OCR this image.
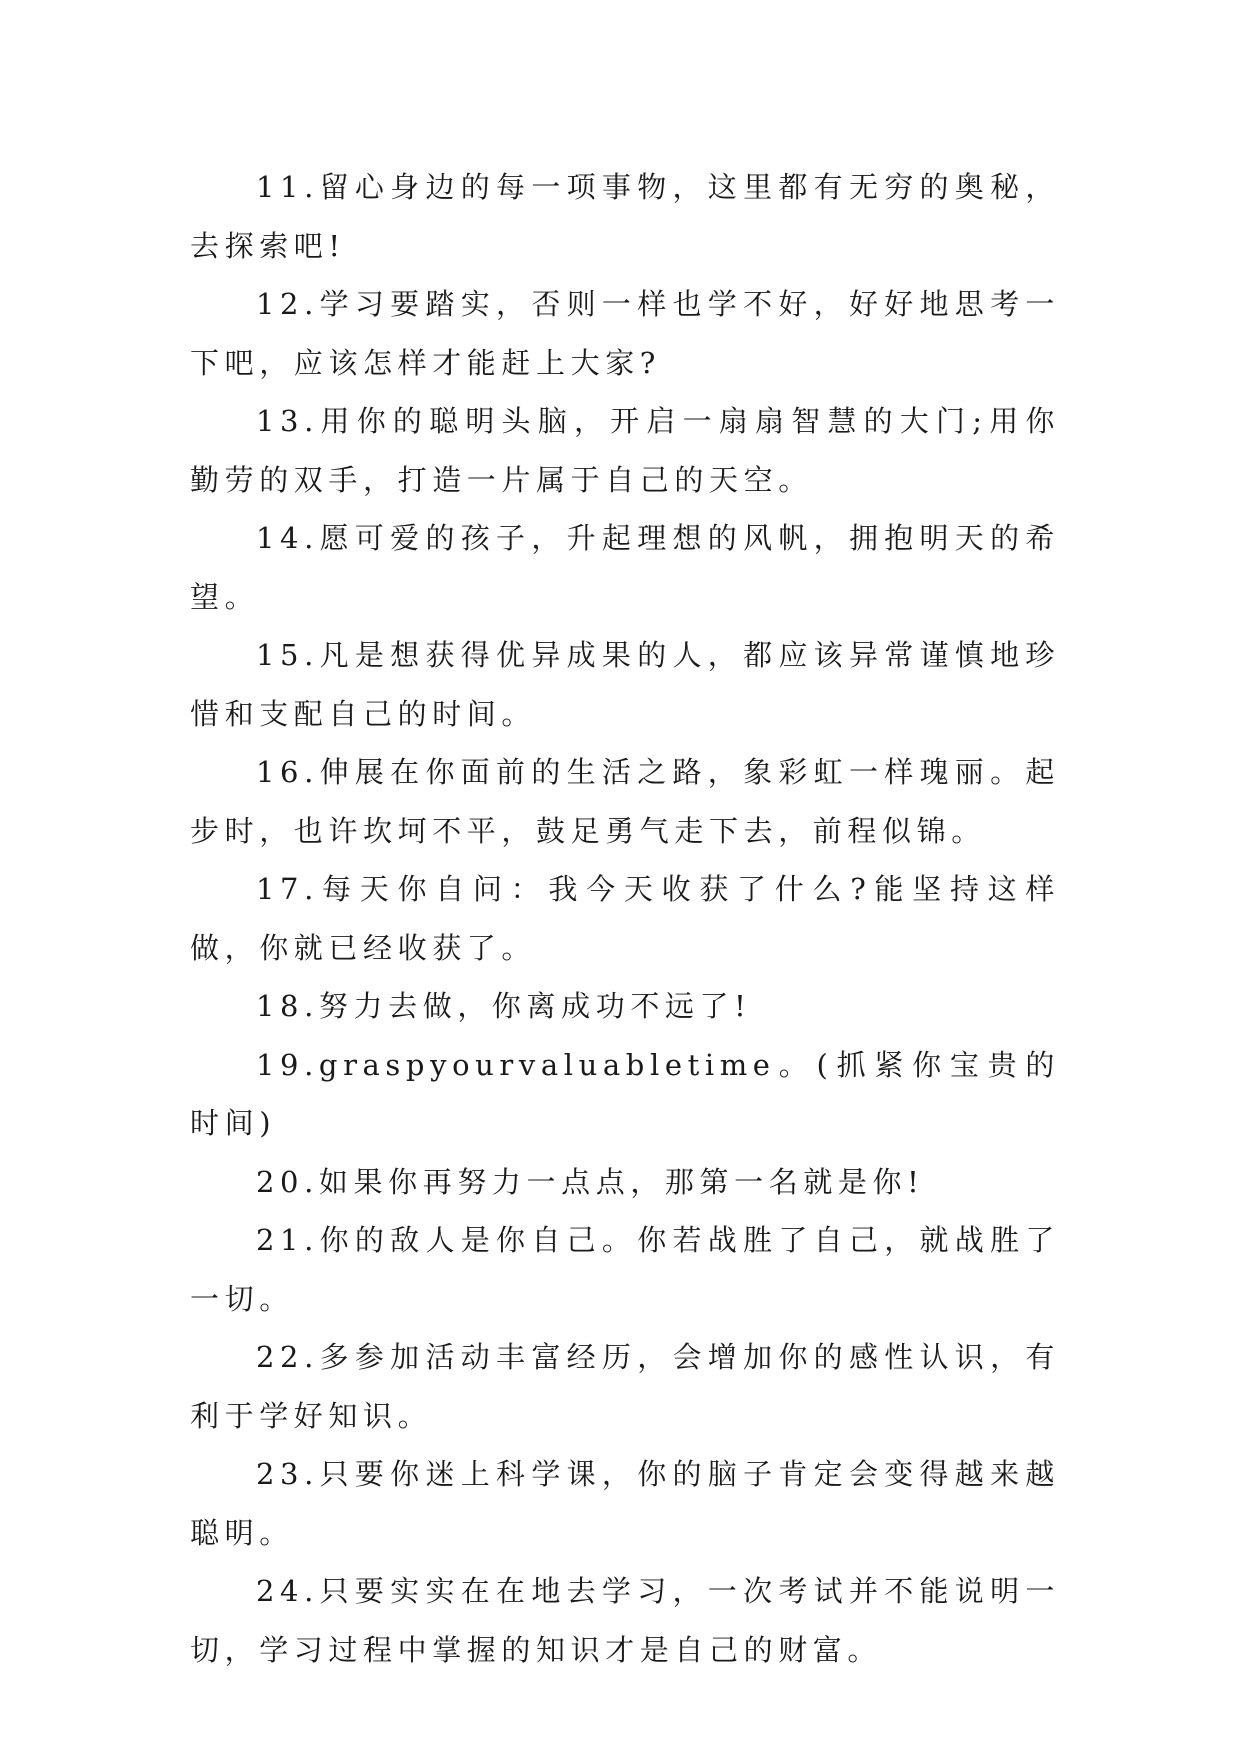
11.留心身边的每一项事物，这里都有无穷的奥秘，去探索吧!

12.学习要踏实，否则一样也学不好，好好地思考一下吧，应该怎样才能赶上大家?

13.用你的聪明头脑，开启一扇扇智慧的大门;用你勤劳的双手，打造一片属于自己的天空。

14.愿可爱的孩子，升起理想的风帆，拥抱明天的希望。

15.凡是想获得优异成果的人，都应该异常谨慎地珍惜和支配自己的时间。

16.伸展在你面前的生活之路，象彩虹一样瑰丽。起步时，也许坎坷不平，鼓足勇气走下去，前程似锦。

17.每天你自问：我今天收获了什么?能坚持这样做，你就已经收获了。

18.努力去做，你离成功不远了!

19.graspyourvaluabletime。(抓紧你宝贵的时间)

20.如果你再努力一点点，那第一名就是你!

21.你的敌人是你自己。你若战胜了自己，就战胜了一切。

22.多参加活动丰富经历，会增加你的感性认识，有利于学好知识。

23.只要你迷上科学课，你的脑子肯定会变得越来越聪明。

24.只要实实在在地去学习，一次考试并不能说明一切，学习过程中掌握的知识才是自己的财富。
